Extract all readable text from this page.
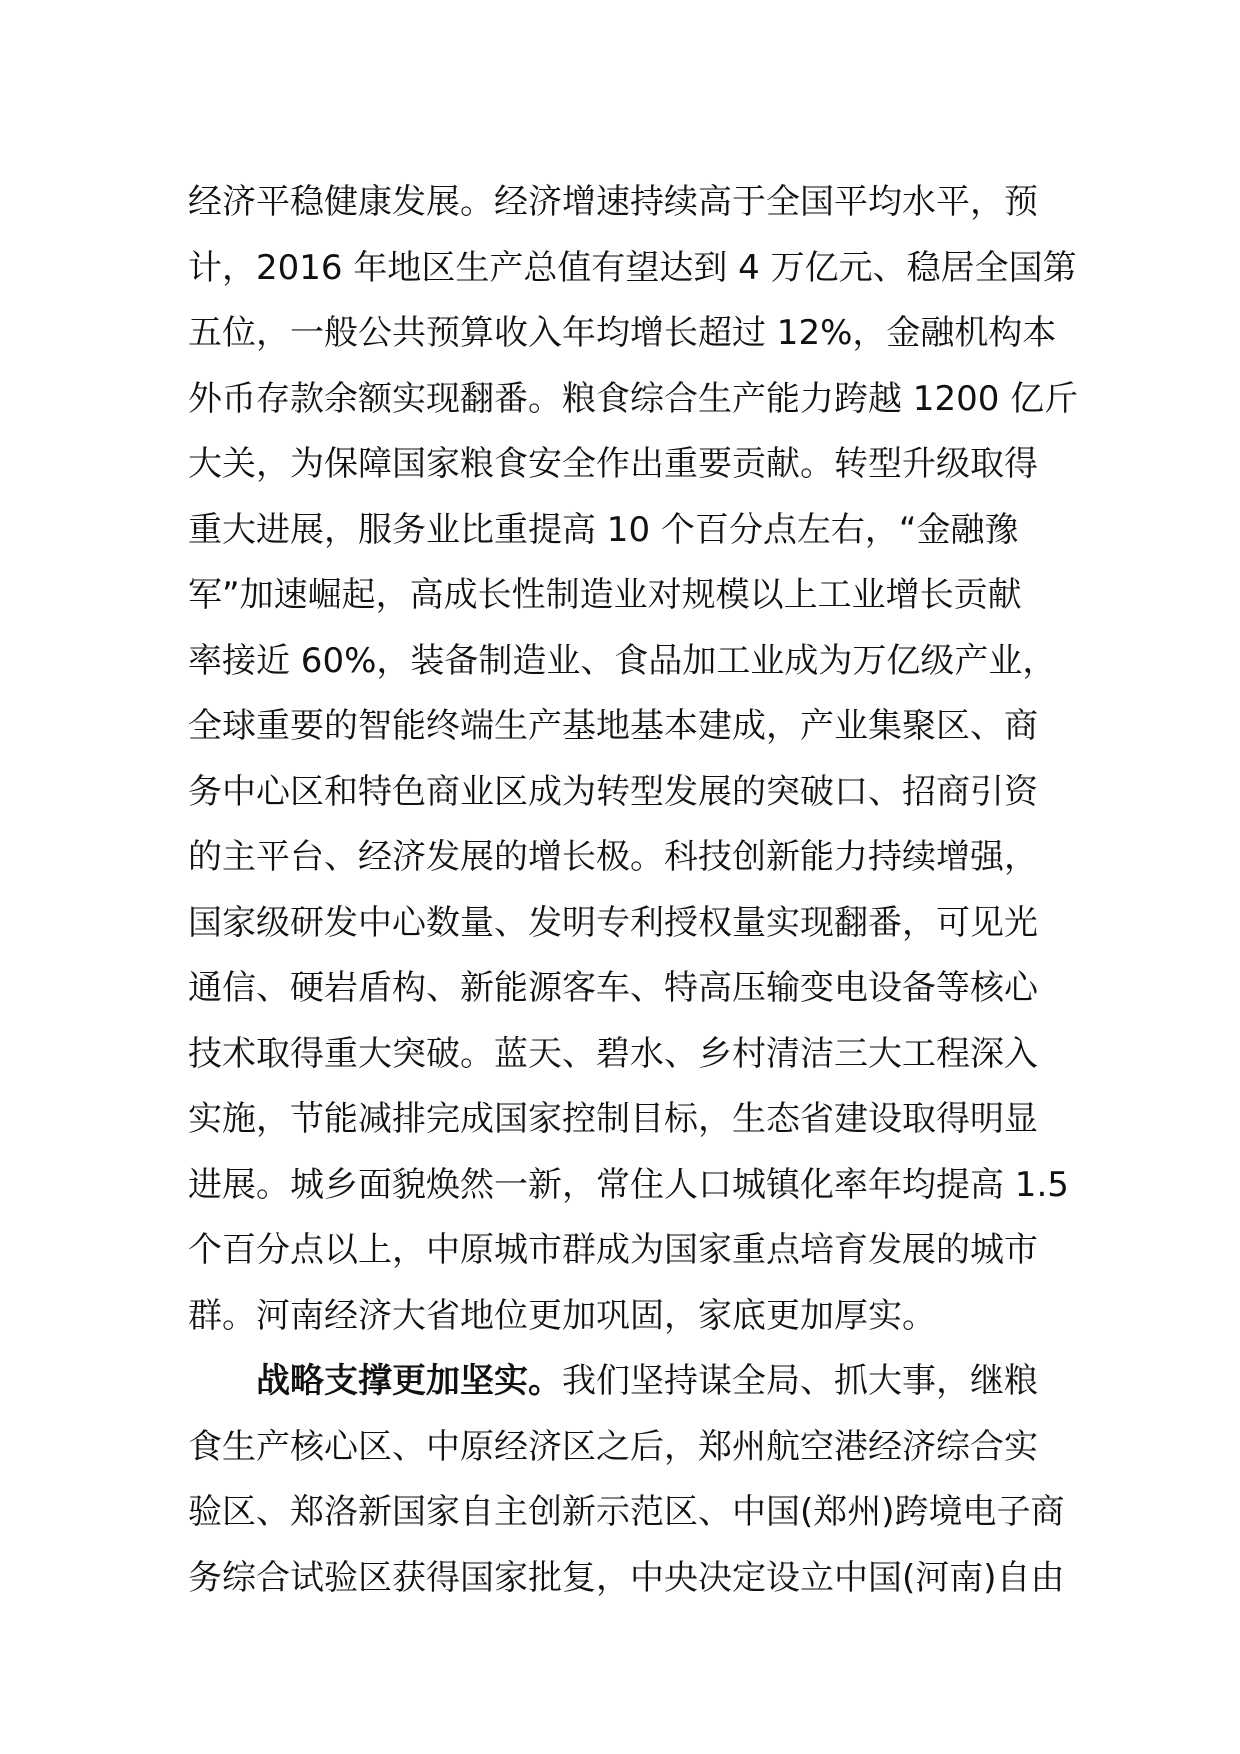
经济平稳健康发展。经济增速持续高于全国平均水平，预
计，2016 年地区生产总值有望达到 4 万亿元、稳居全国第
五位，一般公共预算收入年均增长超过 12%，金融机构本
外币存款余额实现翻番。粮食综合生产能力跨越 1200 亿斤
大关，为保障国家粮食安全作出重要贡献。转型升级取得
重大进展，服务业比重提高 10 个百分点左右，“金融豫
军”加速崛起，高成长性制造业对规模以上工业增长贡献
率接近 60%，装备制造业、食品加工业成为万亿级产业，
全球重要的智能终端生产基地基本建成，产业集聚区、商
务中心区和特色商业区成为转型发展的突破口、招商引资
的主平台、经济发展的增长极。科技创新能力持续增强，
国家级研发中心数量、发明专利授权量实现翻番，可见光
通信、硬岩盾构、新能源客车、特高压输变电设备等核心
技术取得重大突破。蓝天、碧水、乡村清洁三大工程深入
实施，节能减排完成国家控制目标，生态省建设取得明显
进展。城乡面貌焕然一新，常住人口城镇化率年均提高 1.5
个百分点以上，中原城市群成为国家重点培育发展的城市
群。河南经济大省地位更加巩固，家底更加厚实。
战略支撑更加坚实。我们坚持谋全局、抓大事，继粮
食生产核心区、中原经济区之后，郑州航空港经济综合实
验区、郑洛新国家自主创新示范区、中国(郑州)跨境电子商
务综合试验区获得国家批复，中央决定设立中国(河南)自由
